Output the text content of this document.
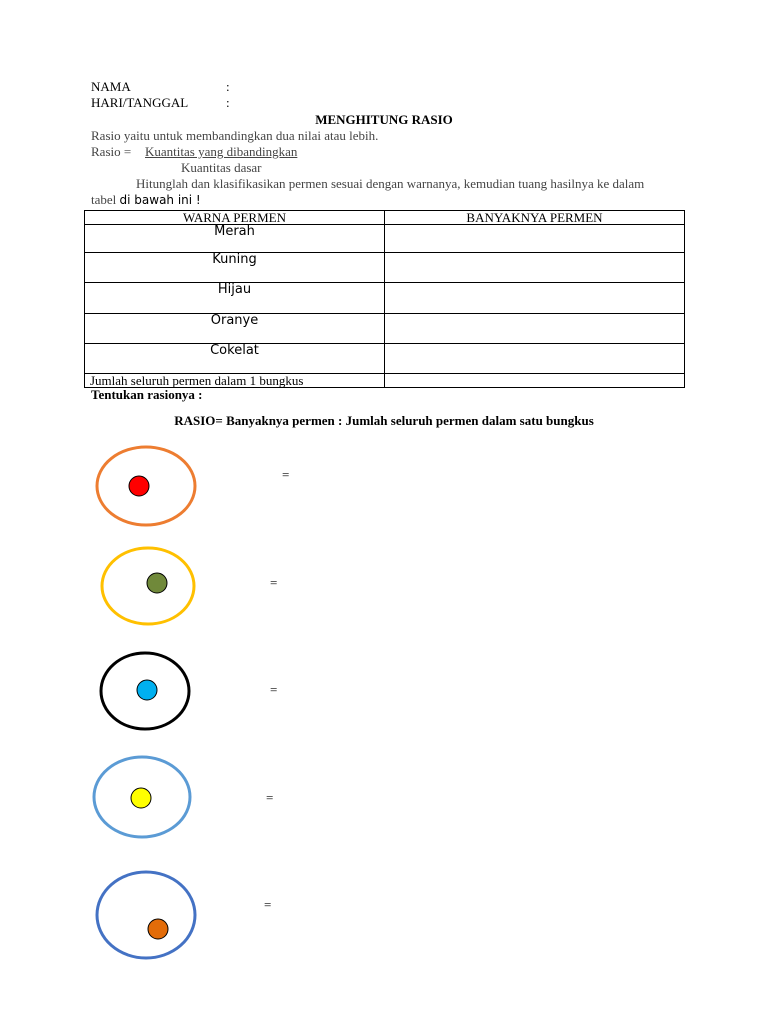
NAMA	:
HARI/TANGGAL	:
MENGHITUNG RASIO
Rasio yaitu untuk membandingkan dua nilai atau lebih.
Rasio = Kuantitas yang dibandingkan
Kuantitas dasar
Hitunglah dan klasifikasikan permen sesuai dengan warnanya, kemudian tuang hasilnya ke dalam
tabel di bawah ini !
WARNA PERMEN	BANYAKNYA PERMEN
Merah	
Kuning	
Hijau	
Oranye	
Cokelat	
Jumlah seluruh permen dalam 1 bungkus	
Tentukan rasionya :
RASIO= Banyaknya permen : Jumlah seluruh permen dalam satu bungkus
=
=
=
=
=
